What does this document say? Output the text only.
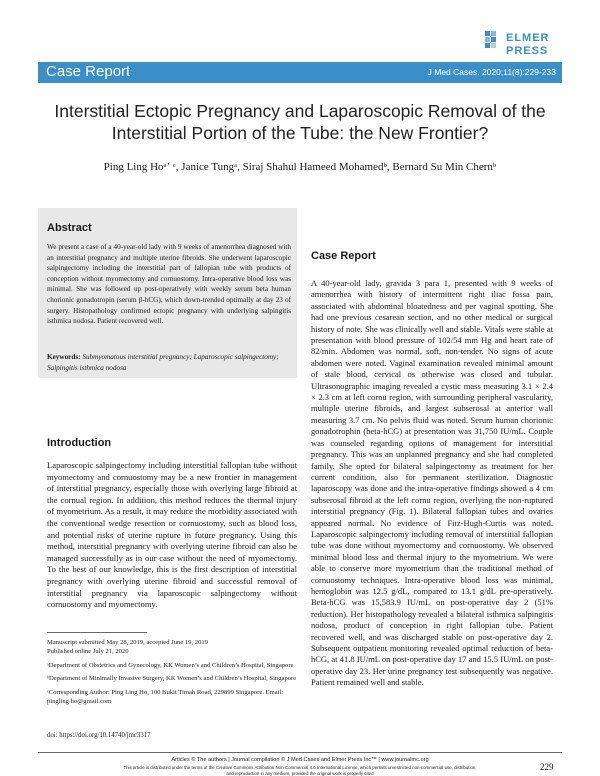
ELMER
PRESS
Case Report	J Med Cases. 2020;11(8):229-233
Interstitial Ectopic Pregnancy and Laparoscopic Removal of the Interstitial Portion of the Tube: the New Frontier?
Ping Ling Hoᵃʼ ᶜ, Janice Tungᵃ, Siraj Shahul Hameed Mohamedᵇ, Bernard Su Min Chernᵇ
Abstract
We present a case of a 40-year-old lady with 9 weeks of amenorrhea diagnosed with an interstitial pregnancy and multiple uterine fibroids. She underwent laparoscopic salpingectomy including the interstitial part of fallopian tube with products of conception without myomectomy and cornuostomy. Intra-operative blood loss was minimal. She was followed up post-operatively with weekly serum beta human chorionic gonadotropin (serum β-hCG), which down-trended optimally at day 23 of surgery. Histopathology confirmed ectopic pregnancy with underlying salpingitis isthmica nodosa. Patient recovered well.
Keywords: Submyomatous interstitial pregnancy; Laparoscopic salpingectomy; Salpingitis isthmica nodosa
Introduction
Laparoscopic salpingectomy including interstitial fallopian tube without myomectomy and cornuostomy may be a new frontier in management of interstitial pregnancy, especially those with overlying large fibroid at the cornual region. In addition, this method reduces the thermal injury of myometrium. As a result, it may reduce the morbidity associated with the conventional wedge resection or cornuostomy, such as blood loss, and potential risks of uterine rupture in future pregnancy. Using this method, interstitial pregnancy with overlying uterine fibroid can also be managed successfully as in our case without the need of myomectomy. To the best of our knowledge, this is the first description of interstitial pregnancy with overlying uterine fibroid and successful removal of interstitial pregnancy via laparoscopic salpingectomy without cornuostomy and myomectomy.

Manuscript submitted May 28, 2019, accepted June 19, 2019
Published online July 21, 2020

ᵃDepartment of Obstetrics and Gynecology, KK Women’s and Children’s Hospital, Singapore

ᵇDepartment of Minimally Invasive Surgery, KK Women’s and Children’s Hospital, Singapore

ᶜCorresponding Author: Ping Ling Ho, 100 Bukit Timah Road, 229899 Singapore. Email: pingling.ho@gmail.com

doi: https://doi.org/10.14740/jmc3317
Case Report
A 40-year-old lady, gravida 3 para 1, presented with 9 weeks of amenorrhea with history of intermittent right iliac fossa pain, associated with abdominal bloatedness and per vaginal spotting. She had one previous cesarean section, and no other medical or surgical history of note. She was clinically well and stable. Vitals were stable at presentation with blood pressure of 102/54 mm Hg and heart rate of 82/min. Abdomen was normal, soft, non-tender. No signs of acute abdomen were noted. Vaginal examination revealed minimal amount of stale blood, cervical os otherwise was closed and tubular. Ultrasonographic imaging revealed a cystic mass measuring 3.1 × 2.4 × 2.3 cm at left cornu region, with surrounding peripheral vascularity, multiple uterine fibroids, and largest subserosal at anterior wall measuring 3.7 cm. No pelvis fluid was noted. Serum human chorionic gonadotrophin (beta-hCG) at presentation was 31,750 IU/mL. Couple was counseled regarding options of management for interstitial pregnancy. This was an unplanned pregnancy and she had completed family. She opted for bilateral salpingectomy as treatment for her current condition, also for permanent sterilization. Diagnostic laparoscopy was done and the intra-operative findings showed a 4 cm subserosal fibroid at the left cornu region, overlying the non-ruptured interstitial pregnancy (Fig. 1). Bilateral fallopian tubes and ovaries appeared normal. No evidence of Fitz-Hugh-Curtis was noted. Laparoscopic salpingectomy including removal of interstitial fallopian tube was done without myomectomy and cornuostomy. We observed minimal blood loss and thermal injury to the myometrium. We were able to conserve more myometrium than the traditional method of cornuostomy techniques. Intra-operative blood loss was minimal, hemoglobin was 12.5 g/dL, compared to 13.1 g/dL pre-operatively. Beta-hCG was 15,583.9 IU/mL on post-operative day 2 (51% reduction). Her histopathology revealed a bilateral isthmica salpingitis nodosa, product of conception in right fallopian tube. Patient recovered well, and was discharged stable on post-operative day 2. Subsequent outpatient monitoring revealed optimal reduction of beta-hCG, at 41.8 IU/mL on post-operative day 17 and 15.5 IU/mL on post-operative day 23. Her urine pregnancy test subsequently was negative. Patient remained well and stable.
Articles © The authors | Journal compilation © J Med Cases and Elmer Press Inc™ | www.journalmc.org
This article is distributed under the terms of the Creative Commons Attribution Non-Commercial 4.0 International License, which permits unrestricted non-commercial use, distribution, and reproduction in any medium, provided the original work is properly cited
229
